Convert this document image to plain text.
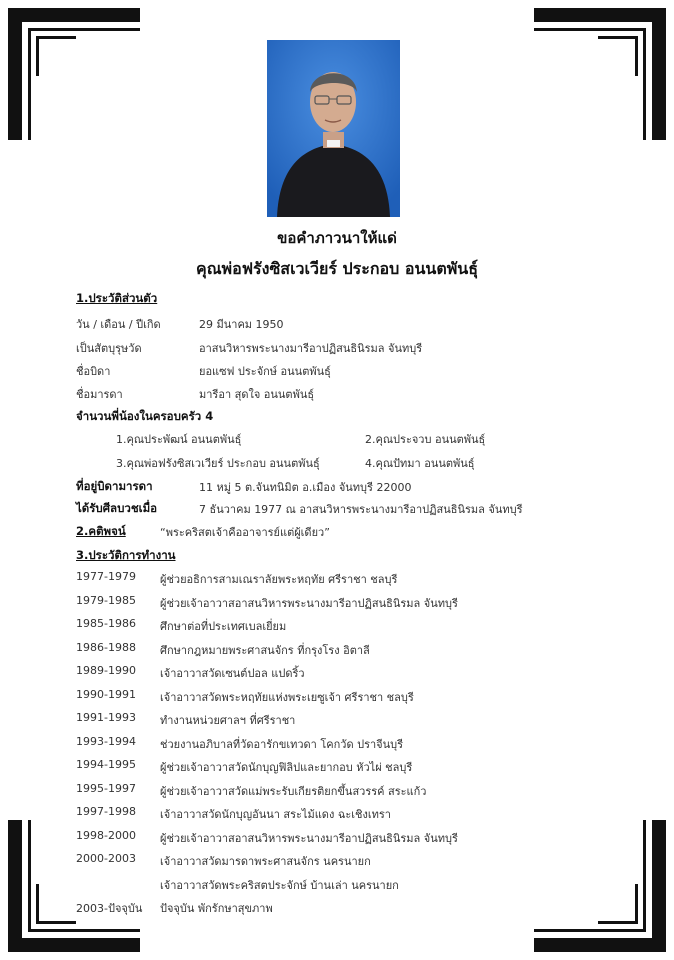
ขอคำภาวนาให้แด่
คุณพ่อฟรังซิสเวเวียร์ ประกอบ อนนตพันธุ์
1.ประวัติส่วนตัว
วัน / เดือน / ปีเกิด	29 มีนาคม 1950
เป็นสัตบุรุษวัด	อาสนวิหารพระนางมารีอาปฏิสนธินิรมล จันทบุรี
ชื่อบิดา	ยอแซฟ ประจักษ์ อนนตพันธุ์
ชื่อมารดา	มารีอา สุดใจ อนนตพันธุ์
จำนวนพี่น้องในครอบครัว 4
1.คุณประพัฒน์ อนนตพันธุ์	2.คุณประจวบ อนนตพันธุ์
3.คุณพ่อฟรังซิสเวเวียร์ ประกอบ อนนตพันธุ์	4.คุณปัทมา อนนตพันธุ์
ที่อยู่บิดามารดา	11 หมู่ 5 ต.จันทนิมิต อ.เมือง จันทบุรี 22000
ได้รับศีลบวชเมื่อ	7 ธันวาคม 1977 ณ อาสนวิหารพระนางมารีอาปฏิสนธินิรมล จันทบุรี
2.คติพจน์	“พระคริสตเจ้าคืออาจารย์แต่ผู้เดียว”
3.ประวัติการทำงาน
1977-1979 ผู้ช่วยอธิการสามเณราลัยพระหฤทัย ศรีราชา ชลบุรี
1979-1985 ผู้ช่วยเจ้าอาวาสอาสนวิหารพระนางมารีอาปฏิสนธินิรมล จันทบุรี
1985-1986 ศึกษาต่อที่ประเทศเบลเยี่ยม
1986-1988 ศึกษากฎหมายพระศาสนจักร ที่กรุงโรง อิตาลี
1989-1990 เจ้าอาวาสวัดเซนต์ปอล แปดริ้ว
1990-1991 เจ้าอาวาสวัดพระหฤทัยแห่งพระเยซูเจ้า ศรีราชา ชลบุรี
1991-1993 ทำงานหน่วยศาลฯ ที่ศรีราชา
1993-1994 ช่วยงานอภิบาลที่วัดอารักขเทวดา โคกวัด ปราจีนบุรี
1994-1995 ผู้ช่วยเจ้าอาวาสวัดนักบุญฟิลิปและยากอบ หัวไผ่ ชลบุรี
1995-1997 ผู้ช่วยเจ้าอาวาสวัดแม่พระรับเกียรติยกขึ้นสวรรค์ สระแก้ว
1997-1998 เจ้าอาวาสวัดนักบุญอันนา สระไม้แดง ฉะเชิงเทรา
1998-2000 ผู้ช่วยเจ้าอาวาสอาสนวิหารพระนางมารีอาปฏิสนธินิรมล จันทบุรี
2000-2003 เจ้าอาวาสวัดมารดาพระศาสนจักร นครนายก
เจ้าอาวาสวัดพระคริสตประจักษ์ บ้านเล่า นครนายก
2003-ปัจจุบัน ปัจจุบัน พักรักษาสุขภาพ
